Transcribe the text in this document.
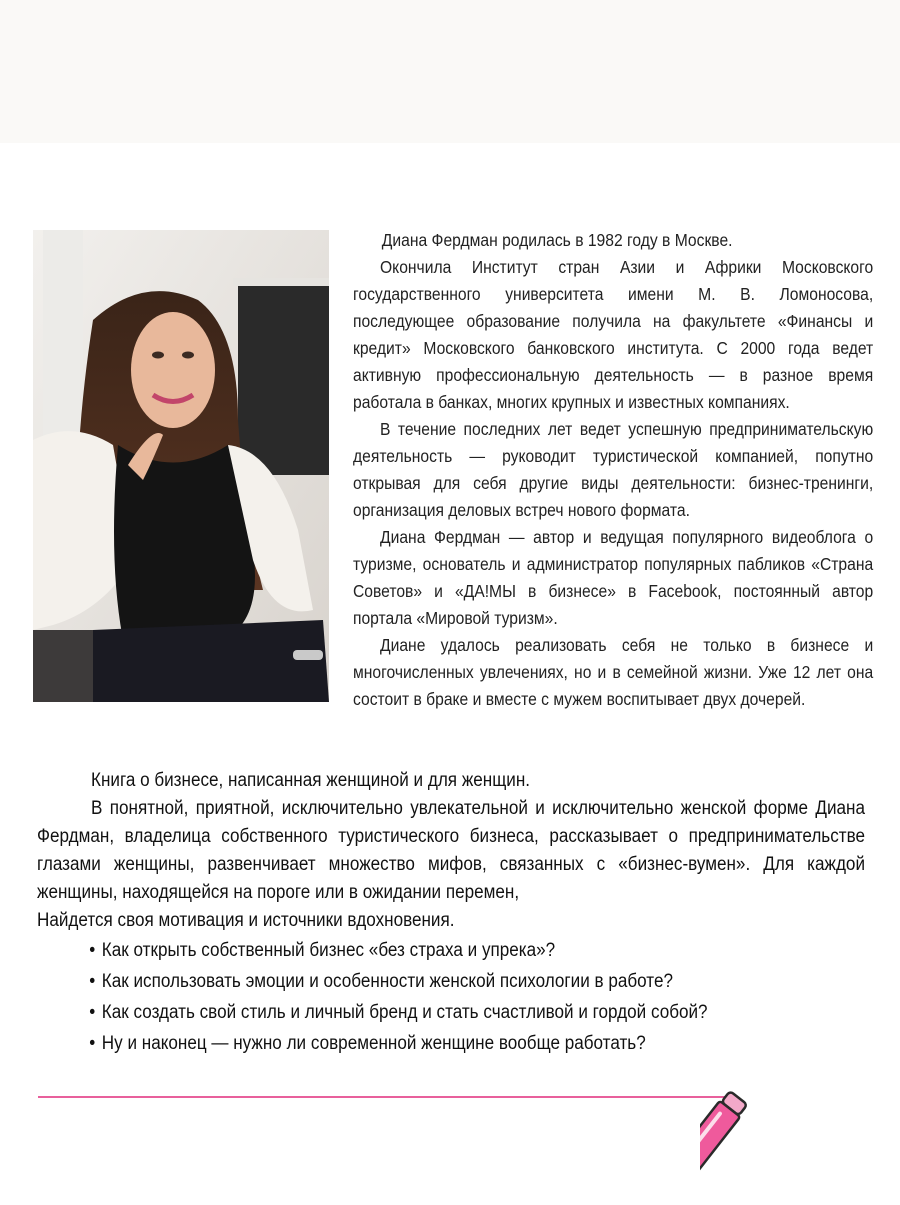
Диана Фердман родилась в 1982 году в Москве.

Окончила Институт стран Азии и Африки Московского государственного университета имени М. В. Ломоносова, последующее образование получила на факультете «Финансы и кредит» Московского банковского института. С 2000 года ведет активную профессиональную деятельность — в разное время работала в банках, многих крупных и известных компаниях.

В течение последних лет ведет успешную предпринимательскую деятельность — руководит туристической компанией, попутно открывая для себя другие виды деятельности: бизнес-тренинги, организация деловых встреч нового формата.

Диана Фердман — автор и ведущая популярного видеоблога о туризме, основатель и администратор популярных пабликов «Страна Советов» и «ДА!МЫ в бизнесе» в Facebook, постоянный автор портала «Мировой туризм».

Диане удалось реализовать себя не только в бизнесе и многочисленных увлечениях, но и в семейной жизни. Уже 12 лет она состоит в браке и вместе с мужем воспитывает двух дочерей.

Книга о бизнесе, написанная женщиной и для женщин.

В понятной, приятной, исключительно увлекательной и исключительно женской форме Диана Фердман, владелица собственного туристического бизнеса, рассказывает о предпринимательстве глазами женщины, развенчивает множество мифов, связанных с «бизнес-вумен». Для каждой женщины, находящейся на пороге или в ожидании перемен,

Найдется своя мотивация и источники вдохновения.

• Как открыть собственный бизнес «без страха и упрека»?
• Как использовать эмоции и особенности женской психологии в работе?
• Как создать свой стиль и личный бренд и стать счастливой и гордой собой?
• Ну и наконец — нужно ли современной женщине вообще работать?
